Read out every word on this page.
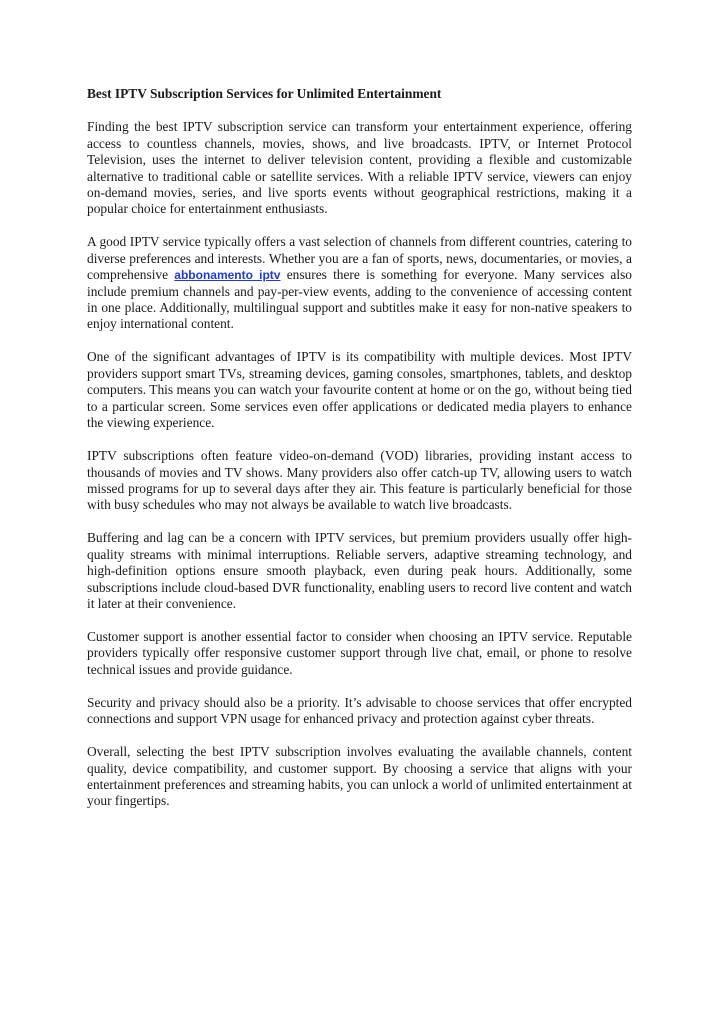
Best IPTV Subscription Services for Unlimited Entertainment

Finding the best IPTV subscription service can transform your entertainment experience, offering access to countless channels, movies, shows, and live broadcasts. IPTV, or Internet Protocol Television, uses the internet to deliver television content, providing a flexible and customizable alternative to traditional cable or satellite services. With a reliable IPTV service, viewers can enjoy on-demand movies, series, and live sports events without geographical restrictions, making it a popular choice for entertainment enthusiasts.

A good IPTV service typically offers a vast selection of channels from different countries, catering to diverse preferences and interests. Whether you are a fan of sports, news, documentaries, or movies, a comprehensive abbonamento iptv ensures there is something for everyone. Many services also include premium channels and pay-per-view events, adding to the convenience of accessing content in one place. Additionally, multilingual support and subtitles make it easy for non-native speakers to enjoy international content.

One of the significant advantages of IPTV is its compatibility with multiple devices. Most IPTV providers support smart TVs, streaming devices, gaming consoles, smartphones, tablets, and desktop computers. This means you can watch your favourite content at home or on the go, without being tied to a particular screen. Some services even offer applications or dedicated media players to enhance the viewing experience.

IPTV subscriptions often feature video-on-demand (VOD) libraries, providing instant access to thousands of movies and TV shows. Many providers also offer catch-up TV, allowing users to watch missed programs for up to several days after they air. This feature is particularly beneficial for those with busy schedules who may not always be available to watch live broadcasts.

Buffering and lag can be a concern with IPTV services, but premium providers usually offer high-quality streams with minimal interruptions. Reliable servers, adaptive streaming technology, and high-definition options ensure smooth playback, even during peak hours. Additionally, some subscriptions include cloud-based DVR functionality, enabling users to record live content and watch it later at their convenience.

Customer support is another essential factor to consider when choosing an IPTV service. Reputable providers typically offer responsive customer support through live chat, email, or phone to resolve technical issues and provide guidance.

Security and privacy should also be a priority. It’s advisable to choose services that offer encrypted connections and support VPN usage for enhanced privacy and protection against cyber threats.

Overall, selecting the best IPTV subscription involves evaluating the available channels, content quality, device compatibility, and customer support. By choosing a service that aligns with your entertainment preferences and streaming habits, you can unlock a world of unlimited entertainment at your fingertips.
